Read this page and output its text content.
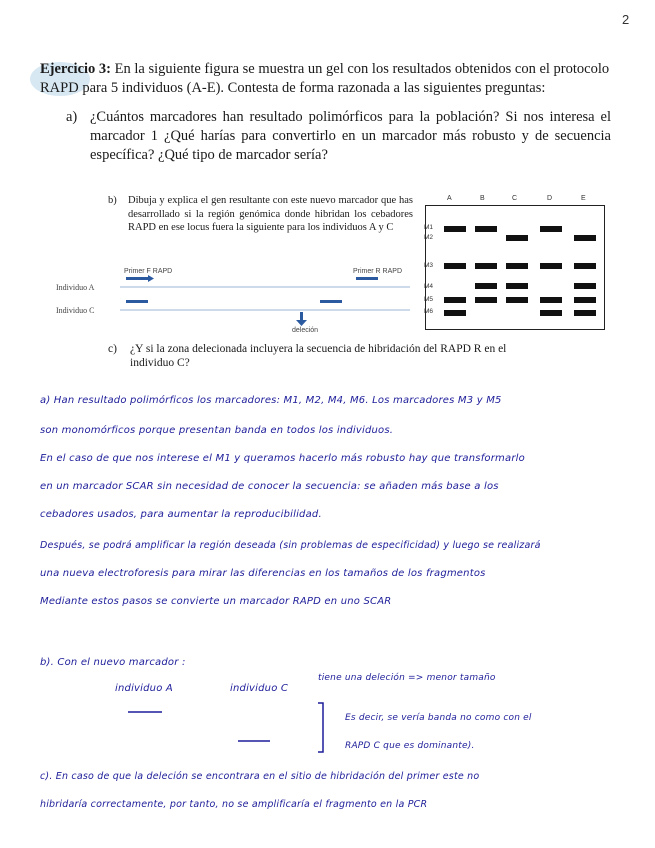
2
Ejercicio 3: En la siguiente figura se muestra un gel con los resultados obtenidos con el protocolo
RAPD para 5 individuos (A-E). Contesta de forma razonada a las siguientes preguntas:
a) ¿Cuántos marcadores han resultado polimórficos para la población? Si nos interesa el marcador 1 ¿Qué harías para convertirlo en un marcador más robusto y de secuencia específica? ¿Qué tipo de marcador sería?
b) Dibuja y explica el gen resultante con este nuevo marcador que has desarrollado si la región genómica donde hibridan los cebadores RAPD en ese locus fuera la siguiente para los individuos A y C
Primer F RAPD	Primer R RAPD
Individuo A
Individuo C
deleción
A	B	C	D	E
M1
M2
M3
M4
M5
M6
c) ¿Y si la zona delecionada incluyera la secuencia de hibridación del RAPD R en el individuo C?
a) Han resultado polimórficos los marcadores: M1, M2, M4, M6. Los marcadores M3 y M5
son monomórficos porque presentan banda en todos los individuos.
En el caso de que nos interese el M1 y queramos hacerlo más robusto hay que transformarlo
en un marcador SCAR sin necesidad de conocer la secuencia: se añaden más base a los
cebadores usados, para aumentar la reproducibilidad.
Después, se podrá amplificar la región deseada (sin problemas de especificidad) y luego se realizará
una nueva electroforesis para mirar las diferencias en los tamaños de los fragmentos
Mediante estos pasos se convierte un marcador RAPD en uno SCAR
b). Con el nuevo marcador :
individuo A	individuo C
tiene una deleción => menor tamaño
Es decir, se vería banda no como con el
RAPD C que es dominante).
c). En caso de que la deleción se encontrara en el sitio de hibridación del primer este no
hibridaría correctamente, por tanto, no se amplificaría el fragmento en la PCR
